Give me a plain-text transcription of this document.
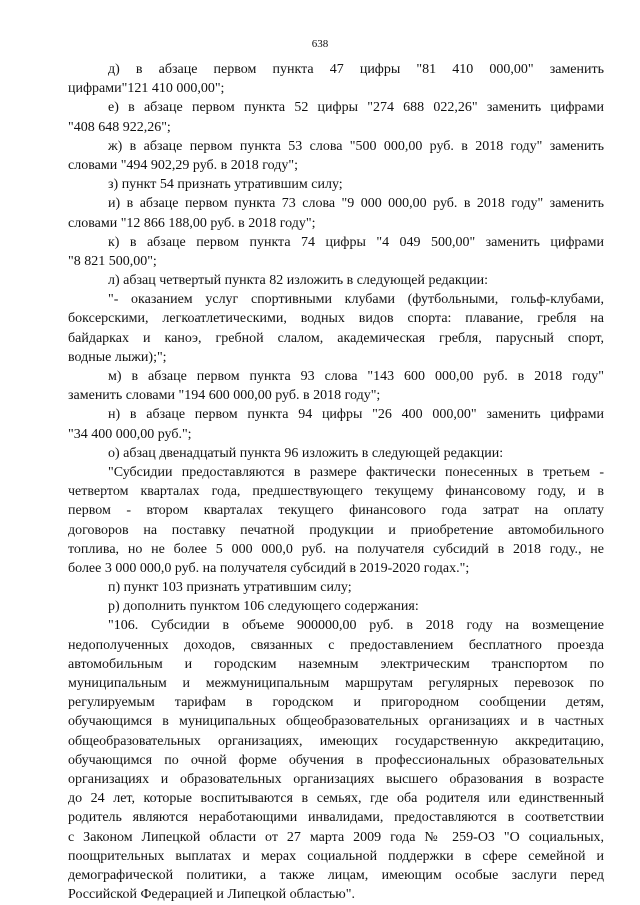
638
д) в абзаце первом пункта 47 цифры "81 410 000,00" заменить
цифрами"121 410 000,00";
е) в абзаце первом пункта 52 цифры "274 688 022,26" заменить цифрами
"408 648 922,26";
ж) в абзаце первом пункта 53 слова "500 000,00 руб. в 2018 году" заменить
словами "494 902,29 руб. в 2018 году";
з) пункт 54 признать утратившим силу;
и) в абзаце первом пункта 73 слова "9 000 000,00 руб. в 2018 году" заменить
словами "12 866 188,00 руб. в 2018 году";
к) в абзаце первом пункта 74 цифры "4 049 500,00" заменить цифрами
"8 821 500,00";
л) абзац четвертый пункта 82 изложить в следующей редакции:
"- оказанием услуг спортивными клубами (футбольными, гольф-клубами,
боксерскими, легкоатлетическими, водных видов спорта: плавание, гребля на
байдарках и каноэ, гребной слалом, академическая гребля, парусный спорт,
водные лыжи);";
м) в абзаце первом пункта 93 слова "143 600 000,00 руб. в 2018 году"
заменить словами "194 600 000,00 руб. в 2018 году";
н) в абзаце первом пункта 94 цифры "26 400 000,00" заменить цифрами
"34 400 000,00 руб.";
о) абзац двенадцатый пункта 96 изложить в следующей редакции:
"Субсидии предоставляются в размере фактически понесенных в третьем -
четвертом кварталах года, предшествующего текущему финансовому году, и в
первом - втором кварталах текущего финансового года затрат на оплату
договоров на поставку печатной продукции и приобретение автомобильного
топлива, но не более 5 000 000,0 руб. на получателя субсидий в 2018 году., не
более 3 000 000,0 руб. на получателя субсидий в 2019-2020 годах.";
п) пункт 103 признать утратившим силу;
р) дополнить пунктом 106 следующего содержания:
"106. Субсидии в объеме 900000,00 руб. в 2018 году на возмещение
недополученных доходов, связанных с предоставлением бесплатного проезда
автомобильным и городским наземным электрическим транспортом по
муниципальным и межмуниципальным маршрутам регулярных перевозок по
регулируемым тарифам в городском и пригородном сообщении детям,
обучающимся в муниципальных общеобразовательных организациях и в частных
общеобразовательных организациях, имеющих государственную аккредитацию,
обучающимся по очной форме обучения в профессиональных образовательных
организациях и образовательных организациях высшего образования в возрасте
до 24 лет, которые воспитываются в семьях, где оба родителя или единственный
родитель являются неработающими инвалидами, предоставляются в соответствии
с Законом Липецкой области от 27 марта 2009 года № 259-ОЗ "О социальных,
поощрительных выплатах и мерах социальной поддержки в сфере семейной и
демографической политики, а также лицам, имеющим особые заслуги перед
Российской Федерацией и Липецкой областью".
